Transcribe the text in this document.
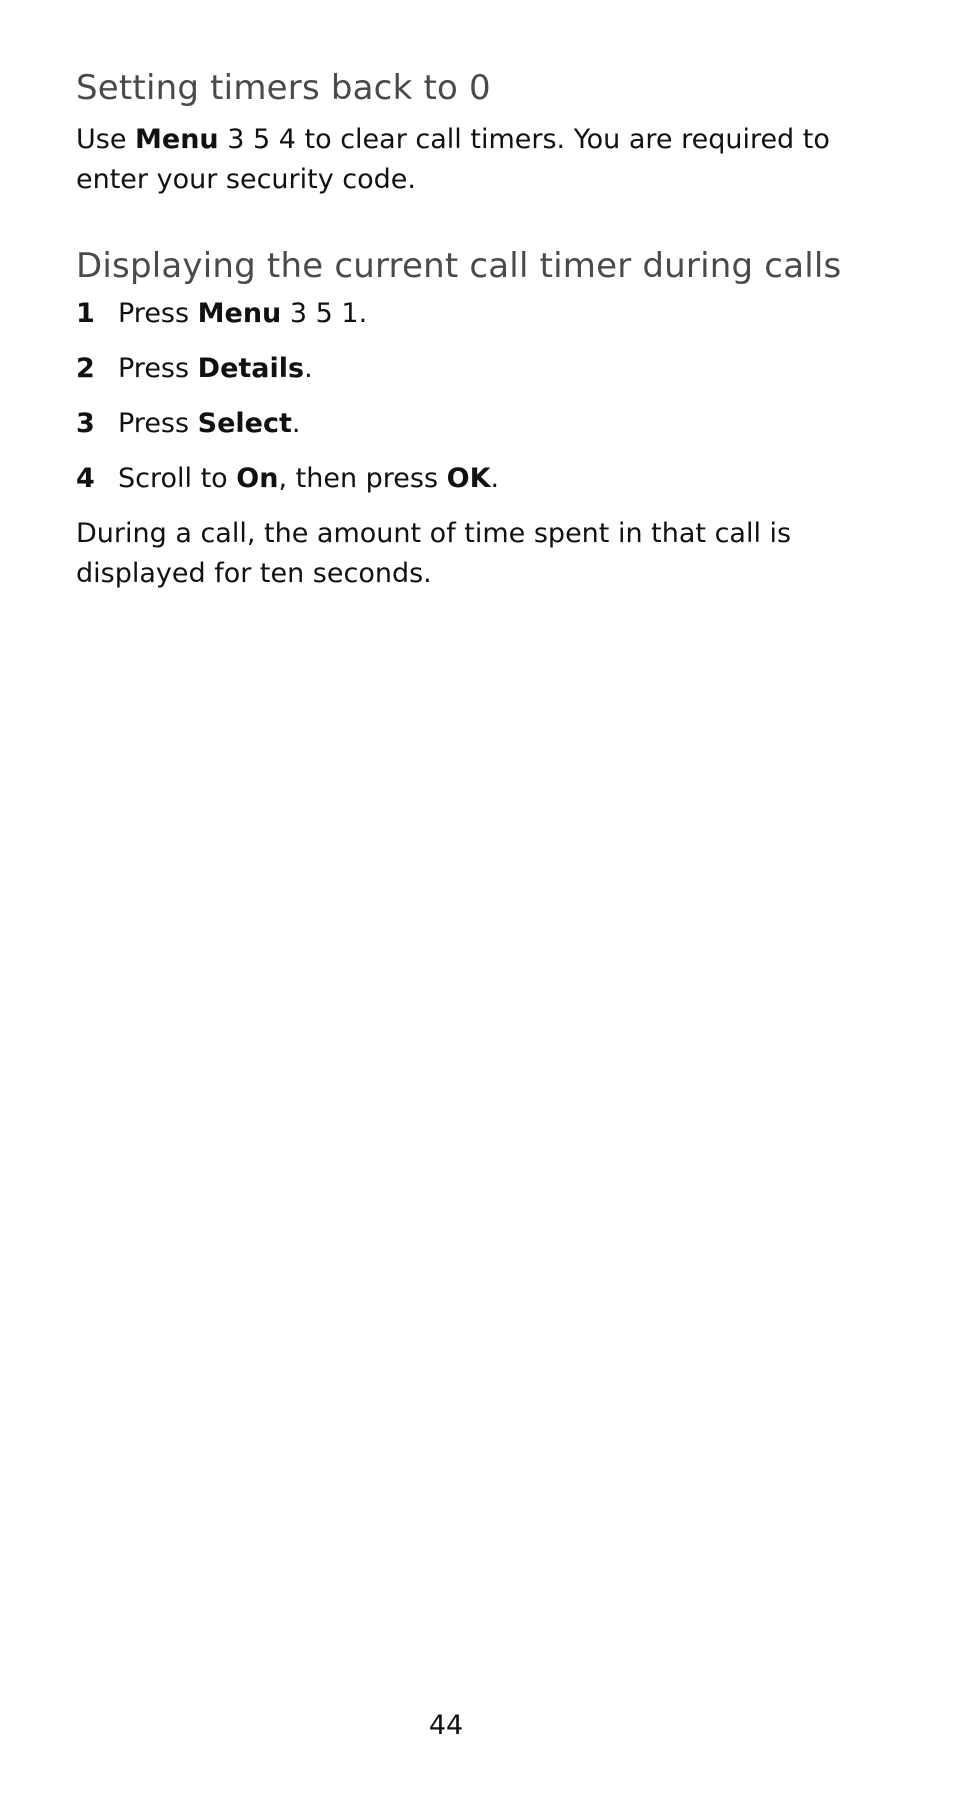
Setting timers back to 0

Use Menu 3 5 4 to clear call timers. You are required to enter your security code.

Displaying the current call timer during calls
1 Press Menu 3 5 1.
2 Press Details.
3 Press Select.
4 Scroll to On, then press OK.

During a call, the amount of time spent in that call is displayed for ten seconds.

44
